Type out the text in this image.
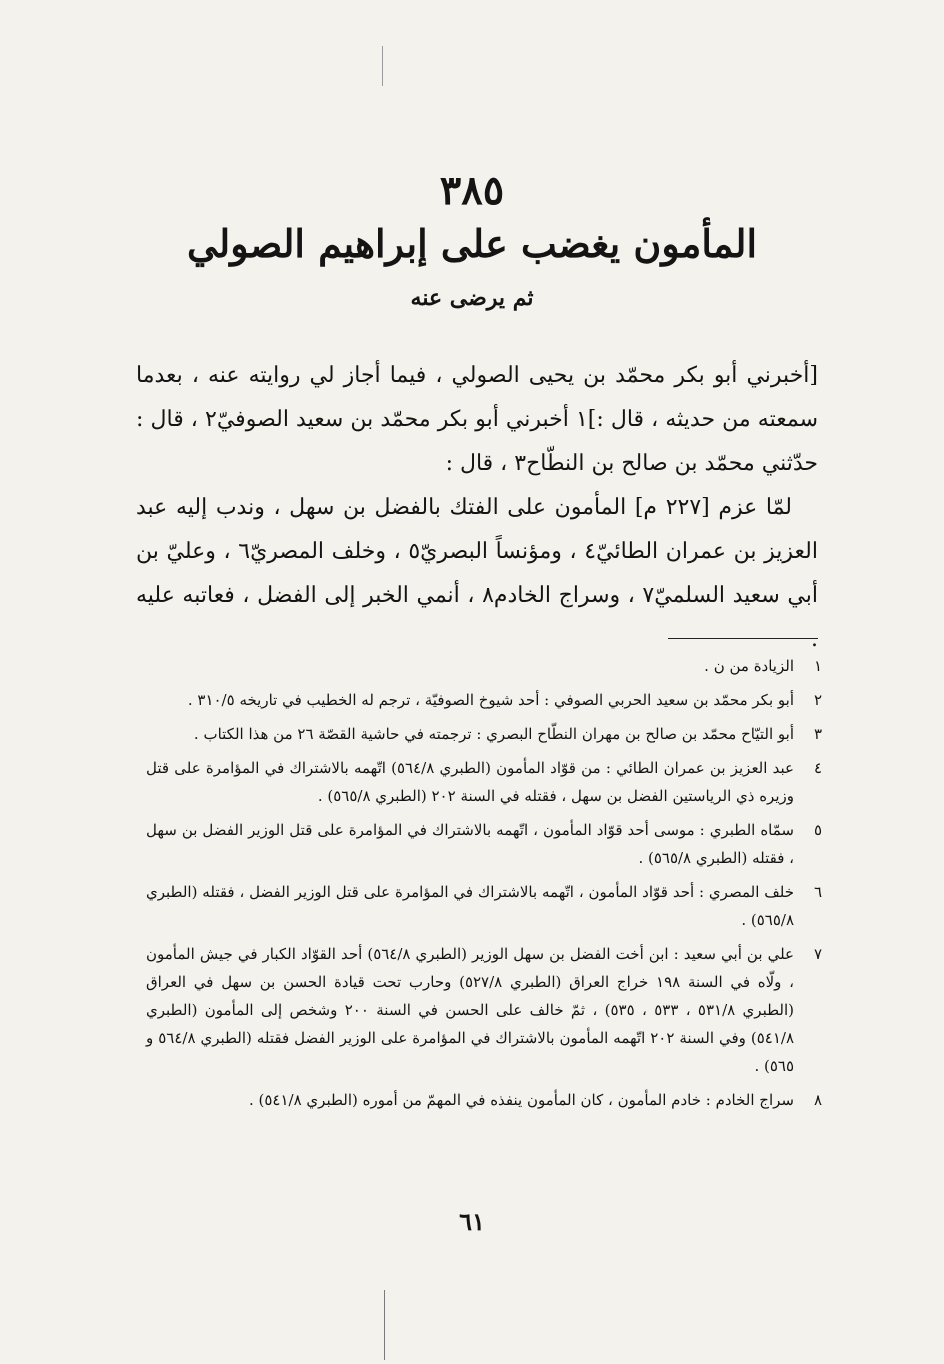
٣٨٥
المأمون يغضب على إبراهيم الصولي
ثم يرضى عنه

[أخبرني أبو بكر محمّد بن يحيى الصولي ، فيما أجاز لي روايته عنه ، بعدما سمعته من حديثه ، قال :]١ أخبرني أبو بكر محمّد بن سعيد الصوفيّ٢ ، قال : حدّثني محمّد بن صالح بن النطّاح٣ ، قال :

لمّا عزم [٢٢٧ م] المأمون على الفتك بالفضل بن سهل ، وندب إليه عبد العزيز بن عمران الطائيّ٤ ، ومؤنساً البصريّ٥ ، وخلف المصريّ٦ ، وعليّ بن أبي سعيد السلميّ٧ ، وسراج الخادم٨ ، أنمي الخبر إلى الفضل ، فعاتبه عليه .

١
الزيادة من ن .
٢
أبو بكر محمّد بن سعيد الحربي الصوفي : أحد شيوخ الصوفيّة ، ترجم له الخطيب في تاريخه ٣١٠/٥ .
٣
أبو التيّاح محمّد بن صالح بن مهران النطّاح البصري : ترجمته في حاشية القصّة ٢٦ من هذا الكتاب .
٤
عبد العزيز بن عمران الطائي : من قوّاد المأمون (الطبري ٥٦٤/٨) اتّهمه بالاشتراك في المؤامرة على قتل وزيره ذي الرياستين الفضل بن سهل ، فقتله في السنة ٢٠٢ (الطبري ٥٦٥/٨) .
٥
سمّاه الطبري : موسى أحد قوّاد المأمون ، اتّهمه بالاشتراك في المؤامرة على قتل الوزير الفضل بن سهل ، فقتله (الطبري ٥٦٥/٨) .
٦
خلف المصري : أحد قوّاد المأمون ، اتّهمه بالاشتراك في المؤامرة على قتل الوزير الفضل ، فقتله (الطبري ٥٦٥/٨) .
٧
علي بن أبي سعيد : ابن أخت الفضل بن سهل الوزير (الطبري ٥٦٤/٨) أحد القوّاد الكبار في جيش المأمون ، ولّاه في السنة ١٩٨ خراج العراق (الطبري ٥٢٧/٨) وحارب تحت قيادة الحسن بن سهل في العراق (الطبري ٥٣١/٨ ، ٥٣٣ ، ٥٣٥) ، ثمّ خالف على الحسن في السنة ٢٠٠ وشخص إلى المأمون (الطبري ٥٤١/٨) وفي السنة ٢٠٢ اتّهمه المأمون بالاشتراك في المؤامرة على الوزير الفضل فقتله (الطبري ٥٦٤/٨ و ٥٦٥) .
٨
سراج الخادم : خادم المأمون ، كان المأمون ينفذه في المهمّ من أموره (الطبري ٥٤١/٨) .
٦١
